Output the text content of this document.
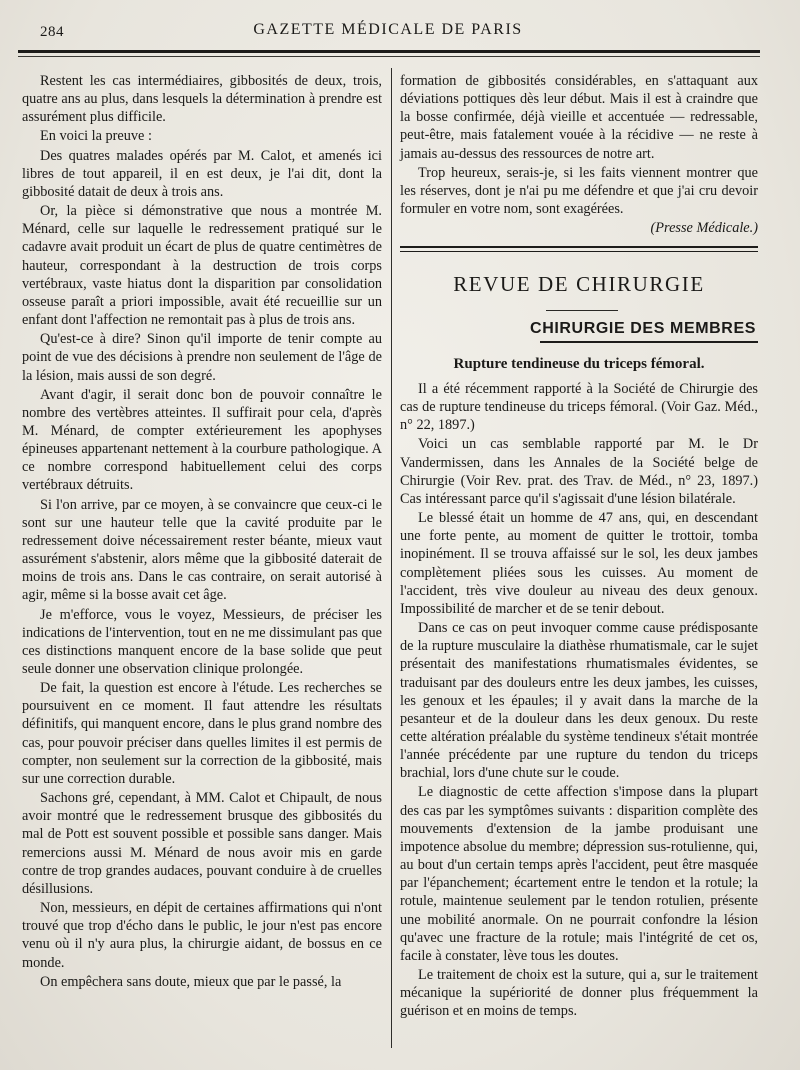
284	GAZETTE MÉDICALE DE PARIS

Restent les cas intermédiaires, gibbosités de deux, trois, quatre ans au plus, dans lesquels la détermination à prendre est assurément plus difficile.

En voici la preuve :

Des quatres malades opérés par M. Calot, et amenés ici libres de tout appareil, il en est deux, je l'ai dit, dont la gibbosité datait de deux à trois ans.

Or, la pièce si démonstrative que nous a montrée M. Ménard, celle sur laquelle le redressement pratiqué sur le cadavre avait produit un écart de plus de quatre centimètres de hauteur, correspondant à la destruction de trois corps vertébraux, vaste hiatus dont la disparition par consolidation osseuse paraît a priori impossible, avait été recueillie sur un enfant dont l'affection ne remontait pas à plus de trois ans.

Qu'est-ce à dire? Sinon qu'il importe de tenir compte au point de vue des décisions à prendre non seulement de l'âge de la lésion, mais aussi de son degré.

Avant d'agir, il serait donc bon de pouvoir connaître le nombre des vertèbres atteintes. Il suffirait pour cela, d'après M. Ménard, de compter extérieurement les apophyses épineuses appartenant nettement à la courbure pathologique. A ce nombre correspond habituellement celui des corps vertébraux détruits.

Si l'on arrive, par ce moyen, à se convaincre que ceux-ci le sont sur une hauteur telle que la cavité produite par le redressement doive nécessairement rester béante, mieux vaut assurément s'abstenir, alors même que la gibbosité daterait de moins de trois ans. Dans le cas contraire, on serait autorisé à agir, même si la bosse avait cet âge.

Je m'efforce, vous le voyez, Messieurs, de préciser les indications de l'intervention, tout en ne me dissimulant pas que ces distinctions manquent encore de la base solide que peut seule donner une observation clinique prolongée.

De fait, la question est encore à l'étude. Les recherches se poursuivent en ce moment. Il faut attendre les résultats définitifs, qui manquent encore, dans le plus grand nombre des cas, pour pouvoir préciser dans quelles limites il est permis de compter, non seulement sur la correction de la gibbosité, mais sur une correction durable.

Sachons gré, cependant, à MM. Calot et Chipault, de nous avoir montré que le redressement brusque des gibbosités du mal de Pott est souvent possible et possible sans danger. Mais remercions aussi M. Ménard de nous avoir mis en garde contre de trop grandes audaces, pouvant conduire à de cruelles désillusions.

Non, messieurs, en dépit de certaines affirmations qui n'ont trouvé que trop d'écho dans le public, le jour n'est pas encore venu où il n'y aura plus, la chirurgie aidant, de bossus en ce monde.

On empêchera sans doute, mieux que par le passé, la

formation de gibbosités considérables, en s'attaquant aux déviations pottiques dès leur début. Mais il est à craindre que la bosse confirmée, déjà vieille et accentuée — redressable, peut-être, mais fatalement vouée à la récidive — ne reste à jamais au-dessus des ressources de notre art.

Trop heureux, serais-je, si les faits viennent montrer que les réserves, dont je n'ai pu me défendre et que j'ai cru devoir formuler en votre nom, sont exagérées.

(Presse Médicale.)
REVUE DE CHIRURGIE
CHIRURGIE DES MEMBRES
Rupture tendineuse du triceps fémoral.

Il a été récemment rapporté à la Société de Chirurgie des cas de rupture tendineuse du triceps fémoral. (Voir Gaz. Méd., n° 22, 1897.)

Voici un cas semblable rapporté par M. le Dr Vandermissen, dans les Annales de la Société belge de Chirurgie (Voir Rev. prat. des Trav. de Méd., n° 23, 1897.) Cas intéressant parce qu'il s'agissait d'une lésion bilatérale.

Le blessé était un homme de 47 ans, qui, en descendant une forte pente, au moment de quitter le trottoir, tomba inopinément. Il se trouva affaissé sur le sol, les deux jambes complètement pliées sous les cuisses. Au moment de l'accident, très vive douleur au niveau des deux genoux. Impossibilité de marcher et de se tenir debout.

Dans ce cas on peut invoquer comme cause prédisposante de la rupture musculaire la diathèse rhumatismale, car le sujet présentait des manifestations rhumatismales évidentes, se traduisant par des douleurs entre les deux jambes, les cuisses, les genoux et les épaules; il y avait dans la marche de la pesanteur et de la douleur dans les deux genoux. Du reste cette altération préalable du système tendineux s'était montrée l'année précédente par une rupture du tendon du triceps brachial, lors d'une chute sur le coude.

Le diagnostic de cette affection s'impose dans la plupart des cas par les symptômes suivants : disparition complète des mouvements d'extension de la jambe produisant une impotence absolue du membre; dépression sus-rotulienne, qui, au bout d'un certain temps après l'accident, peut être masquée par l'épanchement; écartement entre le tendon et la rotule; la rotule, maintenue seulement par le tendon rotulien, présente une mobilité anormale. On ne pourrait confondre la lésion qu'avec une fracture de la rotule; mais l'intégrité de cet os, facile à constater, lève tous les doutes.

Le traitement de choix est la suture, qui a, sur le traitement mécanique la supériorité de donner plus fréquemment la guérison et en moins de temps.
